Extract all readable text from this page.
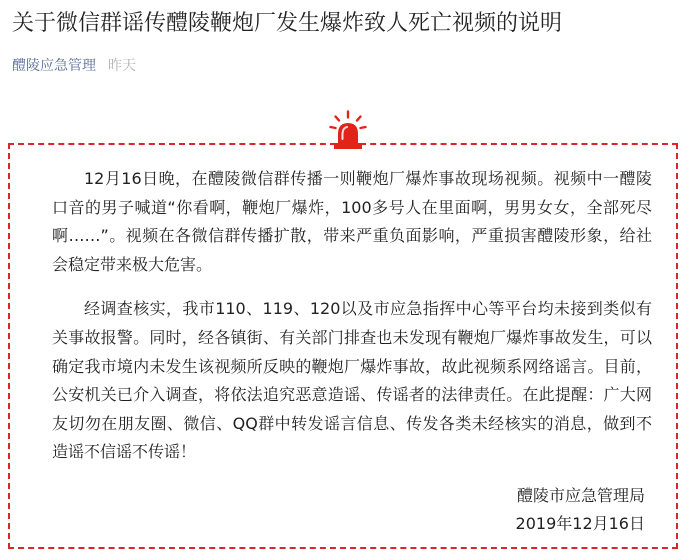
关于微信群谣传醴陵鞭炮厂发生爆炸致人死亡视频的说明
醴陵应急管理 昨天

12月16日晚，在醴陵微信群传播一则鞭炮厂爆炸事故现场视频。视频中一醴陵口音的男子喊道“你看啊，鞭炮厂爆炸，100多号人在里面啊，男男女女，全部死尽啊……”。视频在各微信群传播扩散，带来严重负面影响，严重损害醴陵形象，给社会稳定带来极大危害。

经调查核实，我市110、119、120以及市应急指挥中心等平台均未接到类似有关事故报警。同时，经各镇街、有关部门排查也未发现有鞭炮厂爆炸事故发生，可以确定我市境内未发生该视频所反映的鞭炮厂爆炸事故，故此视频系网络谣言。目前，公安机关已介入调查，将依法追究恶意造谣、传谣者的法律责任。在此提醒：广大网友切勿在朋友圈、微信、QQ群中转发谣言信息、传发各类未经核实的消息，做到不造谣不信谣不传谣！

醴陵市应急管理局
2019年12月16日
